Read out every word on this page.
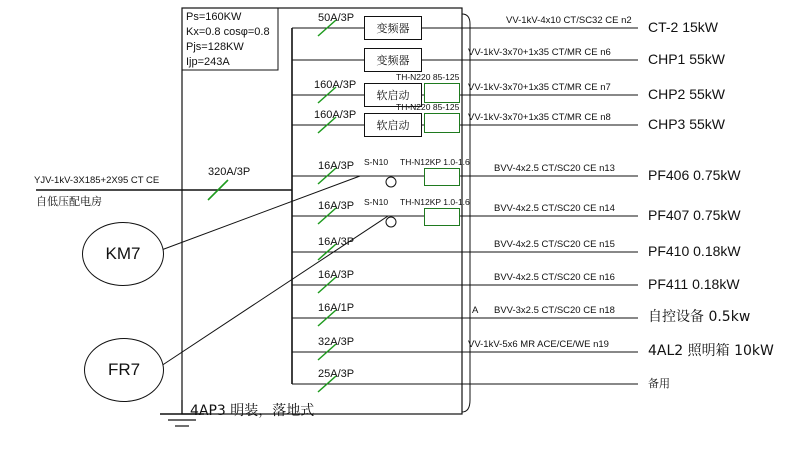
Ps=160KW
Kx=0.8 cosφ=0.8
Pjs=128KW
Ijp=243A
YJV-1kV-3X185+2X95 CT CE
自低压配电房
320A/3P
4AP3 明装，落地式
KM7
FR7
50A/3P
变频器
VV-1kV-4x10 CT/SC32 CE n2 CT-2 15kW
变频器
VV-1kV-3x70+1x35 CT/MR CE n6	CHP1 55kW
160A/3P
软启动
TH-N220 85-125
VV-1kV-3x70+1x35 CT/MR CE n7	CHP2 55kW
160A/3P
软启动
TH-N220 85-125
VV-1kV-3x70+1x35 CT/MR CE n8	CHP3 55kW
16A/3P S-N10 TH-N12KP 1.0-1.6
BVV-4x2.5 CT/SC20 CE n13 PF406 0.75kW
16A/3P S-N10 TH-N12KP 1.0-1.6
BVV-4x2.5 CT/SC20 CE n14 PF407 0.75kW
16A/3P	BVV-4x2.5 CT/SC20 CE n15 PF410 0.18kW
16A/3P	BVV-4x2.5 CT/SC20 CE n16 PF411 0.18kW
16A/1P	A BVV-3x2.5 CT/SC20 CE n18 自控设备 0.5kw
32A/3P	VV-1kV-5x6 MR ACE/CE/WE n19	4AL2 照明箱 10kW
25A/3P
备用
